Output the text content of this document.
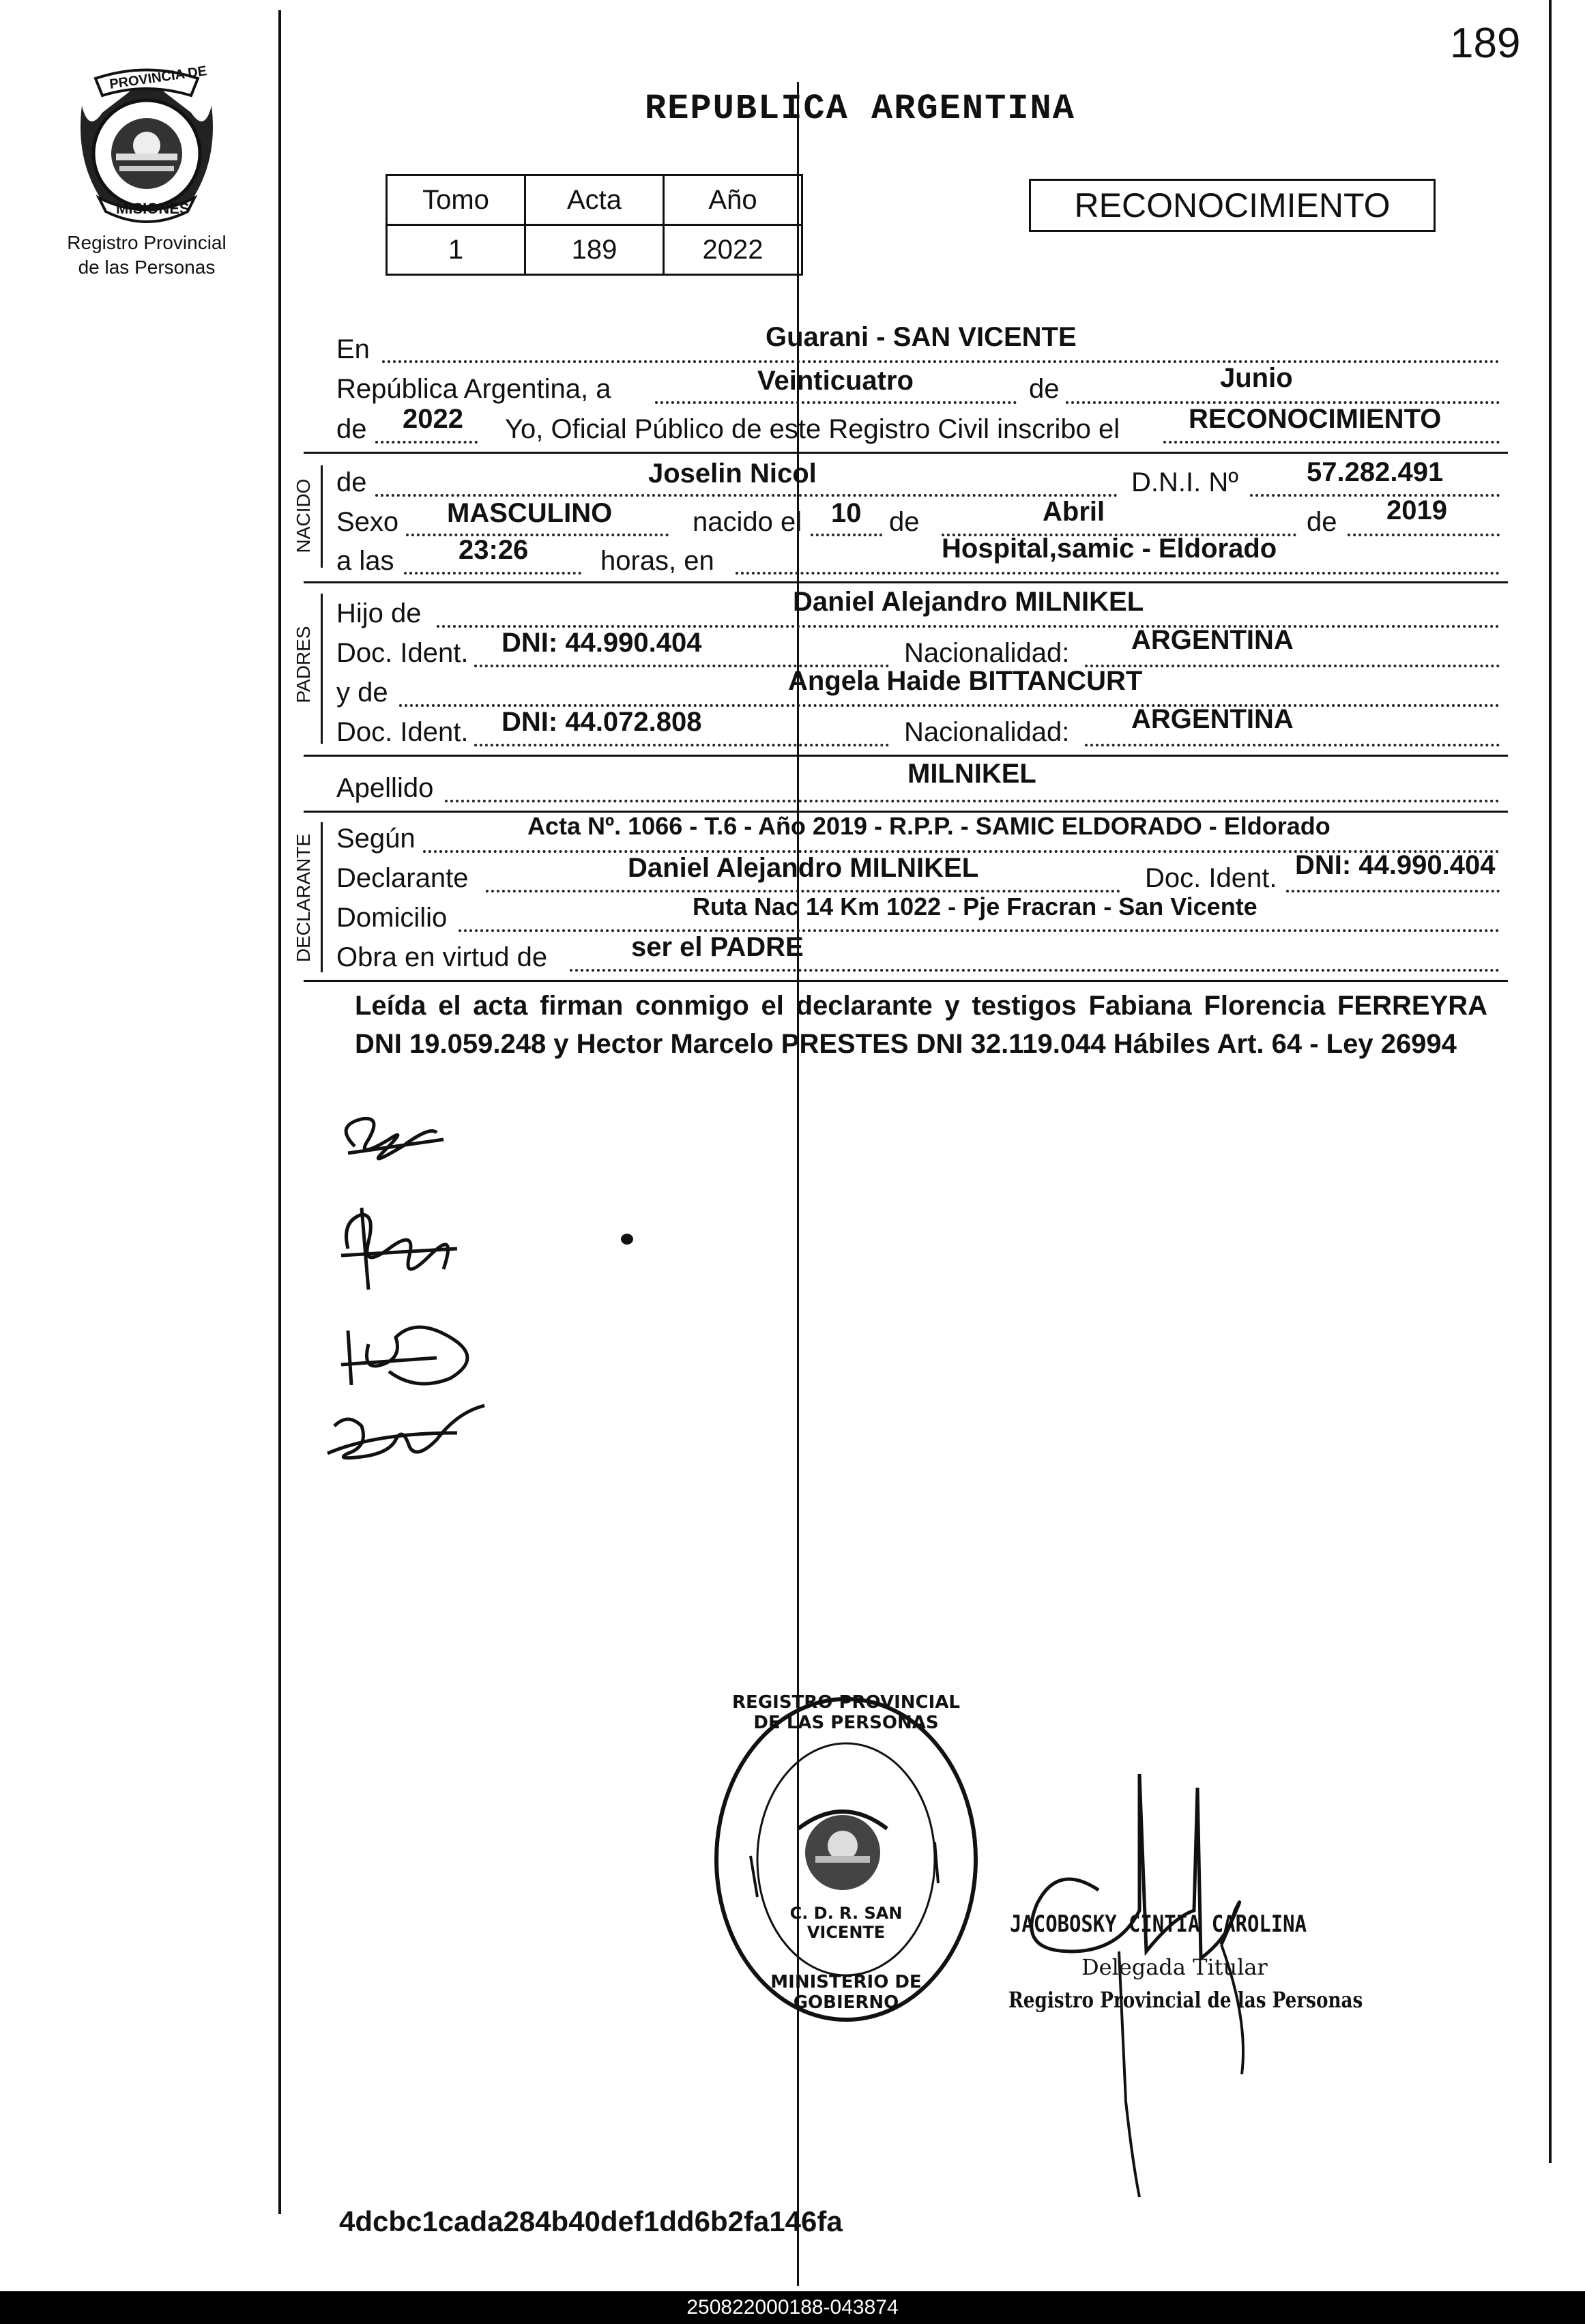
189
PROVINCIA DE
MISIONES
Registro Provincial
de las Personas
REPUBLICA ARGENTINA
Tomo	Acta	Año
1	189	2022
RECONOCIMIENTO
En	Guarani - SAN VICENTE
República Argentina, a	Veinticuatro	de	Junio
de 2022 Yo, Oficial Público de este Registro Civil inscribo el	RECONOCIMIENTO
NACIDO de	Joselin Nicol	D.N.I. Nº	57.282.491
Sexo MASCULINO	nacido el 10 de	Abril	de 2019
a las 23:26	horas, en	Hospital,samic - Eldorado
PADRES
Hijo de	Daniel Alejandro MILNIKEL
Doc. Ident. DNI: 44.990.404	Nacionalidad: ARGENTINA
y de	Angela Haide BITTANCURT
Doc. Ident. DNI: 44.072.808	Nacionalidad: ARGENTINA
Apellido	MILNIKEL
DECLARANTE Según	Acta Nº. 1066 - T.6 - Año 2019 - R.P.P. - SAMIC ELDORADO - Eldorado
Declarante	Daniel Alejandro MILNIKEL	Doc. Ident. DNI: 44.990.404
Domicilio	Ruta Nac 14 Km 1022 - Pje Fracran - San Vicente
Obra en virtud de	ser el PADRE
Leída el acta firman conmigo el declarante y testigos Fabiana Florencia FERREYRA DNI 19.059.248 y Hector Marcelo PRESTES DNI 32.119.044 Hábiles Art. 64 - Ley 26994
REGISTRO PROVINCIAL DE LAS PERSONAS
C. D. R. SAN VICENTE
MINISTERIO DE GOBIERNO
JACOBOSKY CINTIA CAROLINA
Delegada Titular
Registro Provincial de las Personas
4dcbc1cada284b40def1dd6b2fa146fa
250822000188-043874
